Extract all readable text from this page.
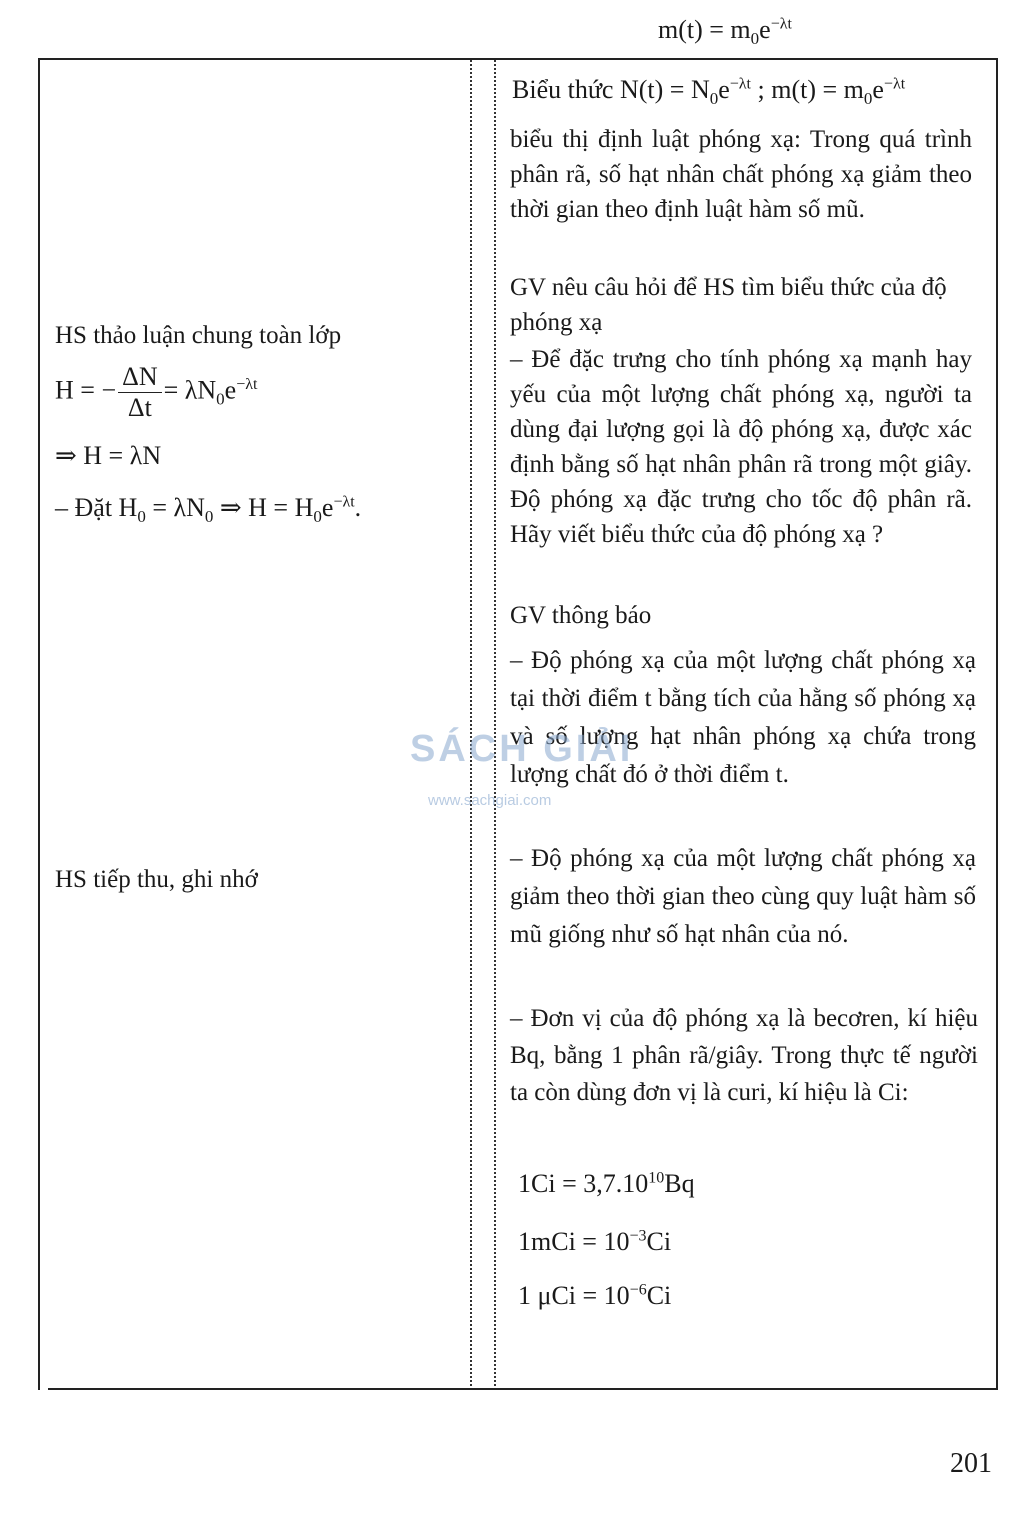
HS thảo luận chung toàn lớp

H = − $\frac{\Delta N}{\Delta t} = \lambda N_0e^{-\lambda t}$

⇒ H = λN

– Đặt $H_0 = \lambda N_0$ ⇒ $H = H_0e^{-\lambda t}$.

HS tiếp thu, ghi nhớ

$m(t) = m_0e^{-\lambda t}$

Biểu thức $N(t) = N_0e^{-\lambda t}$ ; $m(t) = m_0e^{-\lambda t}$

biểu thị định luật phóng xạ: Trong quá trình phân rã, số hạt nhân chất phóng xạ giảm theo thời gian theo định luật hàm số mũ.

GV nêu câu hỏi để HS tìm biểu thức của độ phóng xạ

– Để đặc trưng cho tính phóng xạ mạnh hay yếu của một lượng chất phóng xạ, người ta dùng đại lượng gọi là độ phóng xạ, được xác định bằng số hạt nhân phân rã trong một giây. Độ phóng xạ đặc trưng cho tốc độ phân rã. Hãy viết biểu thức của độ phóng xạ ?

GV thông báo

– Độ phóng xạ của một lượng chất phóng xạ tại thời điểm t bằng tích của hằng số phóng xạ và số lượng hạt nhân phóng xạ chứa trong lượng chất đó ở thời điểm t.

– Độ phóng xạ của một lượng chất phóng xạ giảm theo thời gian theo cùng quy luật hàm số mũ giống như số hạt nhân của nó.

– Đơn vị của độ phóng xạ là becơren, kí hiệu Bq, bằng 1 phân rã/giây. Trong thực tế người ta còn dùng đơn vị là curi, kí hiệu là Ci:

$1Ci = 3,7.10^{10}Bq$

$1mCi = 10^{-3}Ci$

1 $\mu Ci = 10^{-6}Ci$

SÁCH GIẢI
www.sachgiai.com
201
